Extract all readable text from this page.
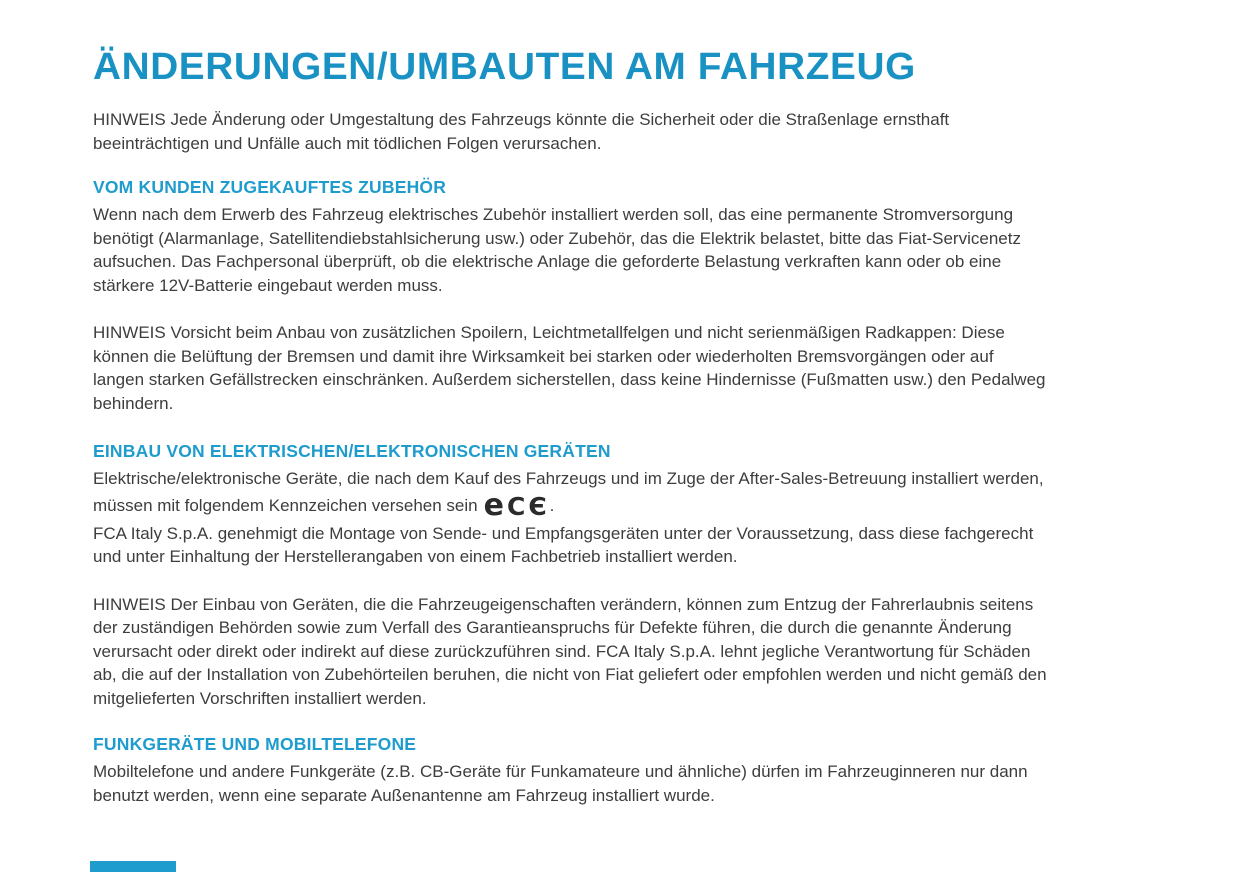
ÄNDERUNGEN/UMBAUTEN AM FAHRZEUG
HINWEIS Jede Änderung oder Umgestaltung des Fahrzeugs könnte die Sicherheit oder die Straßenlage ernsthaft
beeinträchtigen und Unfälle auch mit tödlichen Folgen verursachen.
VOM KUNDEN ZUGEKAUFTES ZUBEHÖR
Wenn nach dem Erwerb des Fahrzeug elektrisches Zubehör installiert werden soll, das eine permanente Stromversorgung
benötigt (Alarmanlage, Satellitendiebstahlsicherung usw.) oder Zubehör, das die Elektrik belastet, bitte das Fiat-Servicenetz
aufsuchen. Das Fachpersonal überprüft, ob die elektrische Anlage die geforderte Belastung verkraften kann oder ob eine
stärkere 12V-Batterie eingebaut werden muss.
HINWEIS Vorsicht beim Anbau von zusätzlichen Spoilern, Leichtmetallfelgen und nicht serienmäßigen Radkappen: Diese
können die Belüftung der Bremsen und damit ihre Wirksamkeit bei starken oder wiederholten Bremsvorgängen oder auf
langen starken Gefällstrecken einschränken. Außerdem sicherstellen, dass keine Hindernisse (Fußmatten usw.) den Pedalweg
behindern.
EINBAU VON ELEKTRISCHEN/ELEKTRONISCHEN GERÄTEN
Elektrische/elektronische Geräte, die nach dem Kauf des Fahrzeugs und im Zuge der After-Sales-Betreuung installiert werden,
müssen mit folgendem Kennzeichen versehen sein e CЄ .
FCA Italy S.p.A. genehmigt die Montage von Sende- und Empfangsgeräten unter der Voraussetzung, dass diese fachgerecht
und unter Einhaltung der Herstellerangaben von einem Fachbetrieb installiert werden.
HINWEIS Der Einbau von Geräten, die die Fahrzeugeigenschaften verändern, können zum Entzug der Fahrerlaubnis seitens
der zuständigen Behörden sowie zum Verfall des Garantieanspruchs für Defekte führen, die durch die genannte Änderung
verursacht oder direkt oder indirekt auf diese zurückzuführen sind. FCA Italy S.p.A. lehnt jegliche Verantwortung für Schäden
ab, die auf der Installation von Zubehörteilen beruhen, die nicht von Fiat geliefert oder empfohlen werden und nicht gemäß den
mitgelieferten Vorschriften installiert werden.
FUNKGERÄTE UND MOBILTELEFONE
Mobiltelefone und andere Funkgeräte (z.B. CB-Geräte für Funkamateure und ähnliche) dürfen im Fahrzeuginneren nur dann
benutzt werden, wenn eine separate Außenantenne am Fahrzeug installiert wurde.
